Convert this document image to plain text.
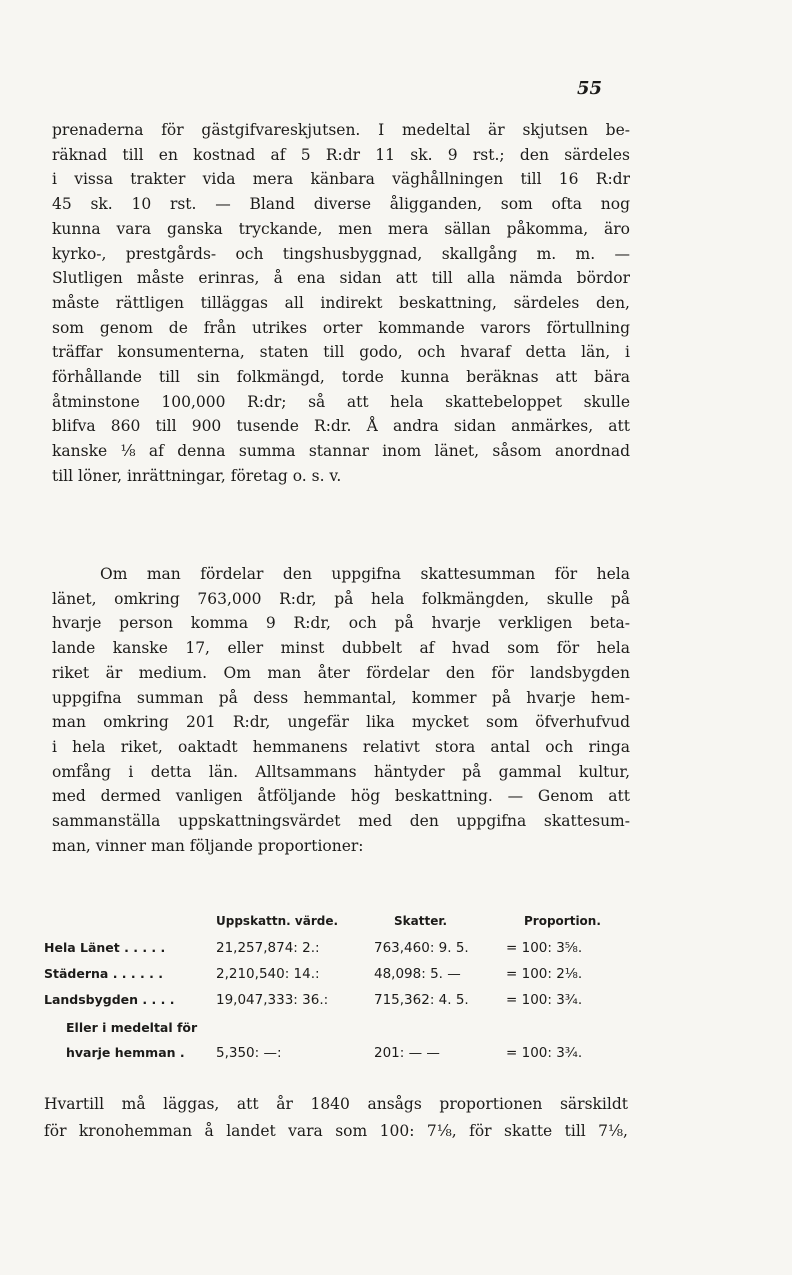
55
prenaderna för gästgifvareskjutsen. I medeltal är skjutsen be-
räknad till en kostnad af 5 R:dr 11 sk. 9 rst.; den särdeles
i vissa trakter vida mera känbara väghållningen till 16 R:dr
45 sk. 10 rst. — Bland diverse åligganden, som ofta nog
kunna vara ganska tryckande, men mera sällan påkomma, äro
kyrko-, prestgårds- och tingshusbyggnad, skallgång m. m. —
Slutligen måste erinras, å ena sidan att till alla nämda bördor
måste rättligen tilläggas all indirekt beskattning, särdeles den,
som genom de från utrikes orter kommande varors förtullning
träffar konsumenterna, staten till godo, och hvaraf detta län, i
förhållande till sin folkmängd, torde kunna beräknas att bära
åtminstone 100,000 R:dr; så att hela skattebeloppet skulle
blifva 860 till 900 tusende R:dr. Å andra sidan anmärkes, att
kanske ⅛ af denna summa stannar inom länet, såsom anordnad
till löner, inrättningar, företag o. s. v.
Om man fördelar den uppgifna skattesumman för hela
länet, omkring 763,000 R:dr, på hela folkmängden, skulle på
hvarje person komma 9 R:dr, och på hvarje verkligen beta-
lande kanske 17, eller minst dubbelt af hvad som för hela
riket är medium. Om man åter fördelar den för landsbygden
uppgifna summan på dess hemmantal, kommer på hvarje hem-
man omkring 201 R:dr, ungefär lika mycket som öfverhufvud
i hela riket, oaktadt hemmanens relativt stora antal och ringa
omfång i detta län. Alltsammans häntyder på gammal kultur,
med dermed vanligen åtföljande hög beskattning. — Genom att
sammanställa uppskattningsvärdet med den uppgifna skattesum-
man, vinner man följande proportioner:
Uppskattn. värde.	Skatter.	Proportion.
Hela Länet . . . . .	21,257,874: 2.:	763,460: 9. 5.	= 100: 3⅝.
Städerna . . . . . .	2,210,540: 14.:	48,098: 5. —	= 100: 2⅛.
Landsbygden . . . .	19,047,333: 36.:	715,362: 4. 5.	= 100: 3¾.
Eller i medeltal för
hvarje hemman . 5,350: —:	201: — —	= 100: 3¾.
Hvartill må läggas, att år 1840 ansågs proportionen särskildt
för kronohemman å landet vara som 100: 7⅛, för skatte till 7⅛,
